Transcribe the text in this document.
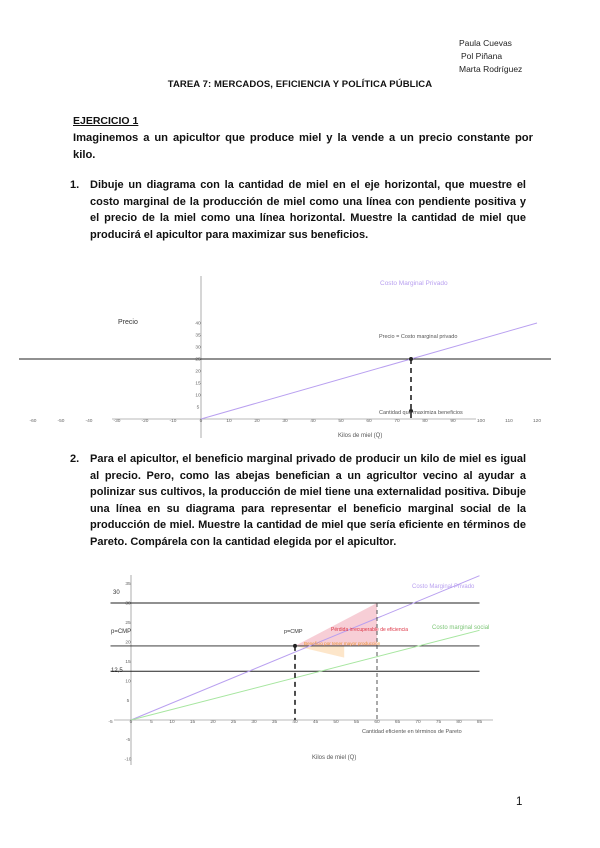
Paula Cuevas
Pol Piñana
Marta Rodríguez
TAREA 7: MERCADOS, EFICIENCIA Y POLÍTICA PÚBLICA
EJERCICIO 1
Imaginemos a un apicultor que produce miel y la vende a un precio constante por kilo.
1. Dibuje un diagrama con la cantidad de miel en el eje horizontal, que muestre el costo marginal de la producción de miel como una línea con pendiente positiva y el precio de la miel como una línea horizontal. Muestre la cantidad de miel que producirá el apicultor para maximizar sus beneficios.
-60	-50	-40	-30	-20	-10	0	10	20	30	40	50	60	70	80	90	100	110	120
5
10
15
20
25
30
35
40
Precio
Costo Marginal Privado
Precio = Costo marginal privado
Cantidad que maximiza beneficios
Kilos de miel (Q)
2. Para el apicultor, el beneficio marginal privado de producir un kilo de miel es igual al precio. Pero, como las abejas benefician a un agricultor vecino al ayudar a polinizar sus cultivos, la producción de miel tiene una externalidad positiva. Dibuje una línea en su diagrama para representar el beneficio marginal social de la producción de miel. Muestre la cantidad de miel que sería eficiente en términos de Pareto. Compárela con la cantidad elegida por el apicultor.
-5	0	5	10	15	20	25	30	35	40	45	50	55	60	65	70	75	80	85
-10
-5
5
10
15
20
25
30
35
30
p=CMP
12,5
p=CMP
Costo Marginal Privado
Costo marginal social
Pérdida irrecuperable de eficiencia
Beneficio por tener mayor producción
Cantidad eficiente en términos de Pareto
Kilos de miel (Q)
1
